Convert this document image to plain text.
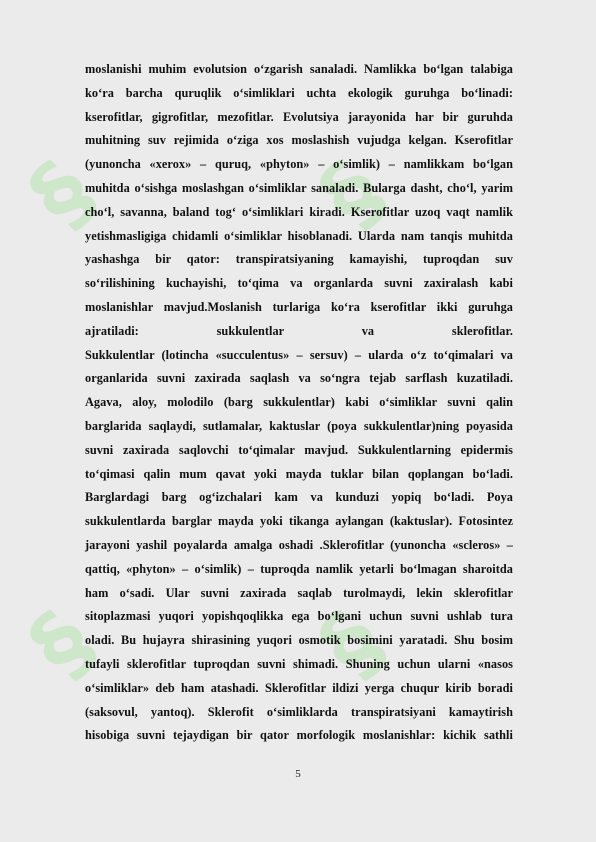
§ §
§ §

moslanishi muhim evolutsion o‘zgarish sanaladi. Namlikka bo‘lgan talabiga

ko‘ra barcha quruqlik o‘simliklari uchta ekologik guruhga bo‘linadi:

kserofitlar, gigrofitlar, mezofitlar. Evolutsiya jarayonida har bir guruhda

muhitning suv rejimida o‘ziga xos moslashish vujudga kelgan. Kserofitlar

(yunoncha «xerox» – quruq, «phyton» – o‘simlik) – namlikkam bo‘lgan

muhitda o‘sishga moslashgan o‘simliklar sanaladi. Bularga dasht, cho‘l, yarim

cho‘l, savanna, baland tog‘ o‘simliklari kiradi. Kserofitlar uzoq vaqt namlik

yetishmasligiga chidamli o‘simliklar hisoblanadi. Ularda nam tanqis muhitda

yashashga bir qator: transpiratsiyaning kamayishi, tuproqdan suv

so‘rilishining kuchayishi, to‘qima va organlarda suvni zaxiralash kabi

moslanishlar mavjud.Moslanish turlariga ko‘ra kserofitlar ikki guruhga

ajratiladi: sukkulentlar va sklerofitlar.

Sukkulentlar (lotincha «succulentus» – sersuv) – ularda o‘z to‘qimalari va

organlarida suvni zaxirada saqlash va so‘ngra tejab sarflash kuzatiladi.

Agava, aloy, molodilo (barg sukkulentlar) kabi o‘simliklar suvni qalin

barglarida saqlaydi, sutlamalar, kaktuslar (poya sukkulentlar)ning poyasida

suvni zaxirada saqlovchi to‘qimalar mavjud. Sukkulentlarning epidermis

to‘qimasi qalin mum qavat yoki mayda tuklar bilan qoplangan bo‘ladi.

Barglardagi barg og‘izchalari kam va kunduzi yopiq bo‘ladi. Poya

sukkulentlarda barglar mayda yoki tikanga aylangan (kaktuslar). Fotosintez

jarayoni yashil poyalarda amalga oshadi .Sklerofitlar (yunoncha «scleros» –

qattiq, «phyton» – o‘simlik) – tuproqda namlik yetarli bo‘lmagan sharoitda

ham o‘sadi. Ular suvni zaxirada saqlab turolmaydi, lekin sklerofitlar

sitoplazmasi yuqori yopishqoqlikka ega bo‘lgani uchun suvni ushlab tura

oladi. Bu hujayra shirasining yuqori osmotik bosimini yaratadi. Shu bosim

tufayli sklerofitlar tuproqdan suvni shimadi. Shuning uchun ularni «nasos

o‘simliklar» deb ham atashadi. Sklerofitlar ildizi yerga chuqur kirib boradi

(saksovul, yantoq). Sklerofit o‘simliklarda transpiratsiyani kamaytirish

hisobiga suvni tejaydigan bir qator morfologik moslanishlar: kichik sathli

5
